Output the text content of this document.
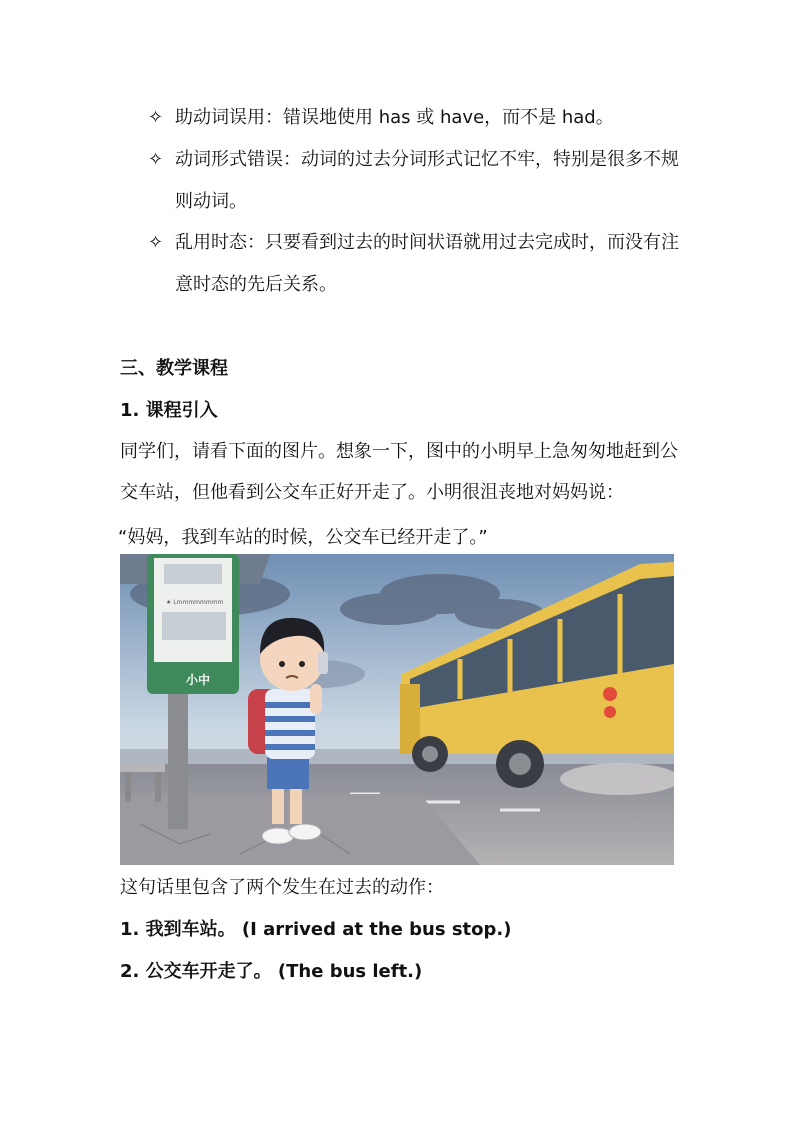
✧ 助动词误用：错误地使用 has 或 have，而不是 had。
✧ 动词形式错误：动词的过去分词形式记忆不牢，特别是很多不规则动词。
✧ 乱用时态：只要看到过去的时间状语就用过去完成时，而没有注意时态的先后关系。
三、教学课程
1. 课程引入
同学们，请看下面的图片。想象一下，图中的小明早上急匆匆地赶到公交车站，但他看到公交车正好开走了。小明很沮丧地对妈妈说：
“妈妈，我到车站的时候，公交车已经开走了。”
★ Lmmmmmmmm
小中
这句话里包含了两个发生在过去的动作：
1. 我到车站。 (I arrived at the bus stop.)
2. 公交车开走了。 (The bus left.)
